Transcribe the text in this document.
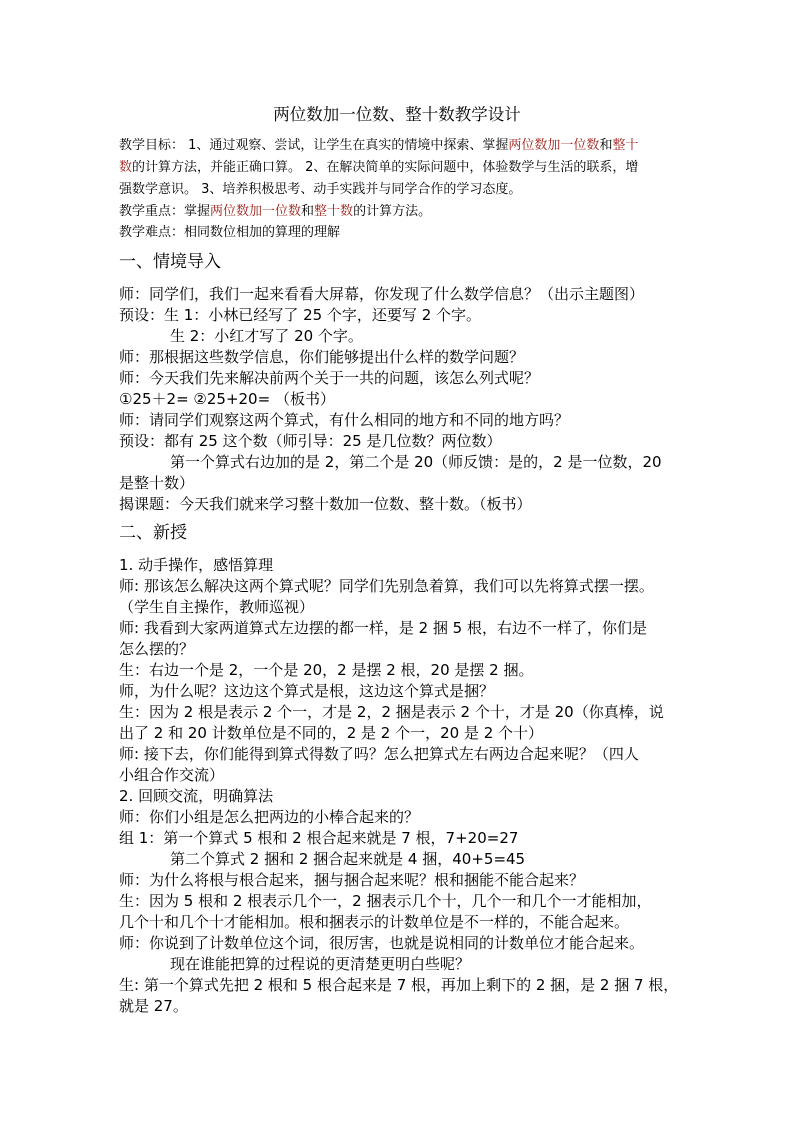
两位数加一位数、整十数教学设计
教学目标： 1、通过观察、尝试，让学生在真实的情境中探索、掌握两位数加一位数和整十
数的计算方法，并能正确口算。 2、在解决简单的实际问题中，体验数学与生活的联系，增
强数学意识。 3、培养积极思考、动手实践并与同学合作的学习态度。
教学重点：掌握两位数加一位数和整十数的计算方法。
教学难点：相同数位相加的算理的理解
一、情境导入
师：同学们，我们一起来看看大屏幕，你发现了什么数学信息？（出示主题图）
预设：生 1：小林已经写了 25 个字，还要写 2 个字。
生 2：小红才写了 20 个字。
师：那根据这些数学信息，你们能够提出什么样的数学问题？
师：今天我们先来解决前两个关于一共的问题，该怎么列式呢？
①25＋2= ②25+20= （板书）
师：请同学们观察这两个算式，有什么相同的地方和不同的地方吗？
预设：都有 25 这个数（师引导：25 是几位数？两位数）
第一个算式右边加的是 2，第二个是 20（师反馈：是的，2 是一位数，20
是整十数）
揭课题：今天我们就来学习整十数加一位数、整十数。（板书）
二、新授
1. 动手操作，感悟算理
师: 那该怎么解决这两个算式呢？同学们先别急着算，我们可以先将算式摆一摆。
（学生自主操作，教师巡视）
师: 我看到大家两道算式左边摆的都一样，是 2 捆 5 根，右边不一样了，你们是
怎么摆的？
生：右边一个是 2，一个是 20，2 是摆 2 根，20 是摆 2 捆。
师，为什么呢？这边这个算式是根，这边这个算式是捆？
生：因为 2 根是表示 2 个一，才是 2，2 捆是表示 2 个十，才是 20（你真棒，说
出了 2 和 20 计数单位是不同的，2 是 2 个一，20 是 2 个十）
师: 接下去，你们能得到算式得数了吗？怎么把算式左右两边合起来呢？（四人
小组合作交流）
2. 回顾交流，明确算法
师：你们小组是怎么把两边的小棒合起来的？
组 1：第一个算式 5 根和 2 根合起来就是 7 根，7+20=27
第二个算式 2 捆和 2 捆合起来就是 4 捆，40+5=45
师：为什么将根与根合起来，捆与捆合起来呢？根和捆能不能合起来？
生：因为 5 根和 2 根表示几个一，2 捆表示几个十，几个一和几个一才能相加，
几个十和几个十才能相加。根和捆表示的计数单位是不一样的，不能合起来。
师：你说到了计数单位这个词，很厉害，也就是说相同的计数单位才能合起来。
现在谁能把算的过程说的更清楚更明白些呢？
生: 第一个算式先把 2 根和 5 根合起来是 7 根，再加上剩下的 2 捆，是 2 捆 7 根，
就是 27。
